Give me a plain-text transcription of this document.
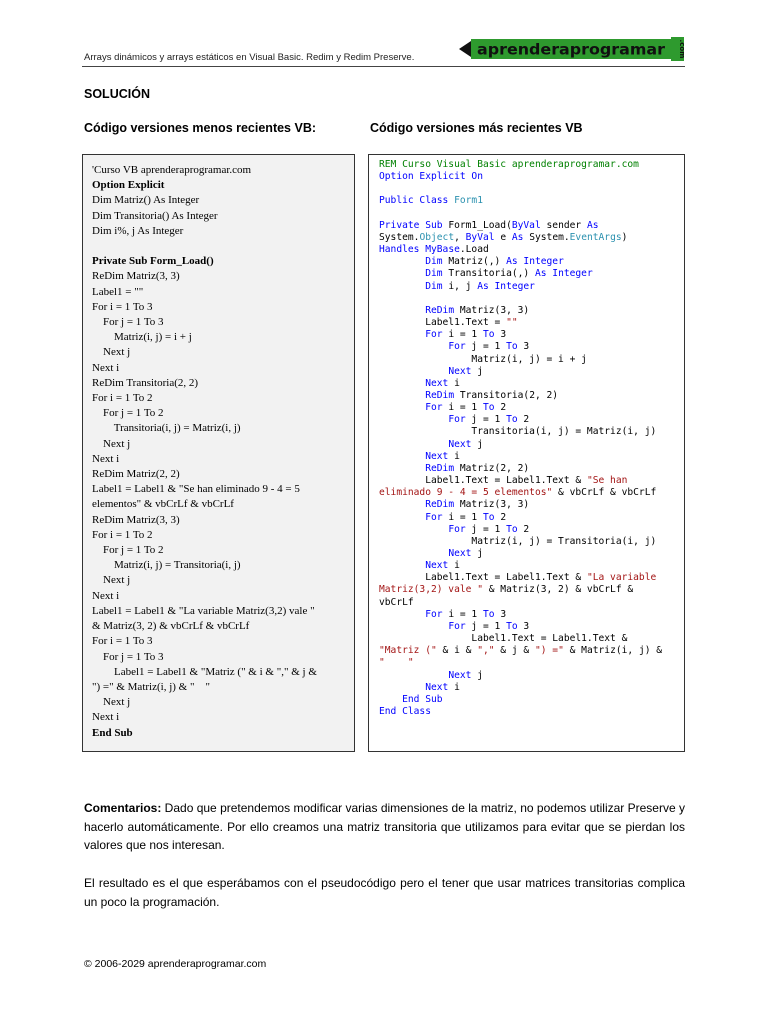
Arrays dinámicos y arrays estáticos en Visual Basic. Redim y Redim Preserve.	aprenderaprogramar .com
SOLUCIÓN
Código versiones menos recientes VB:	Código versiones más recientes VB
'Curso VB aprenderaprogramar.com
Option Explicit
Dim Matriz() As Integer
Dim Transitoria() As Integer
Dim i%, j As Integer

Private Sub Form_Load()
ReDim Matriz(3, 3)
Label1 = ""
For i = 1 To 3
For j = 1 To 3
Matriz(i, j) = i + j
Next j
Next i
ReDim Transitoria(2, 2)
For i = 1 To 2
For j = 1 To 2
Transitoria(i, j) = Matriz(i, j)
Next j
Next i
ReDim Matriz(2, 2)
Label1 = Label1 & "Se han eliminado 9 - 4 = 5
elementos" & vbCrLf & vbCrLf
ReDim Matriz(3, 3)
For i = 1 To 2
For j = 1 To 2
Matriz(i, j) = Transitoria(i, j)
Next j
Next i
Label1 = Label1 & "La variable Matriz(3,2) vale "
& Matriz(3, 2) & vbCrLf & vbCrLf
For i = 1 To 3
For j = 1 To 3
Label1 = Label1 & "Matriz (" & i & "," & j &
") =" & Matriz(i, j) & "    "
Next j
Next i
End Sub
REM Curso Visual Basic aprenderaprogramar.com
Option Explicit On

Public Class Form1

Private Sub Form1_Load(ByVal sender As
System.Object, ByVal e As System.EventArgs)
Handles MyBase.Load
Dim Matriz(,) As Integer
Dim Transitoria(,) As Integer
Dim i, j As Integer

ReDim Matriz(3, 3)
Label1.Text = ""
For i = 1 To 3
For j = 1 To 3
Matriz(i, j) = i + j
Next j
Next i
ReDim Transitoria(2, 2)
For i = 1 To 2
For j = 1 To 2
Transitoria(i, j) = Matriz(i, j)
Next j
Next i
ReDim Matriz(2, 2)
Label1.Text = Label1.Text & "Se han
eliminado 9 - 4 = 5 elementos" & vbCrLf & vbCrLf
ReDim Matriz(3, 3)
For i = 1 To 2
For j = 1 To 2
Matriz(i, j) = Transitoria(i, j)
Next j
Next i
Label1.Text = Label1.Text & "La variable
Matriz(3,2) vale " & Matriz(3, 2) & vbCrLf &
vbCrLf
For i = 1 To 3
For j = 1 To 3
Label1.Text = Label1.Text &
"Matriz (" & i & "," & j & ") =" & Matriz(i, j) &
"    "
Next j
Next i
End Sub
End Class
Comentarios: Dado que pretendemos modificar varias dimensiones de la matriz, no podemos utilizar Preserve y hacerlo automáticamente. Por ello creamos una matriz transitoria que utilizamos para evitar que se pierdan los valores que nos interesan.
El resultado es el que esperábamos con el pseudocódigo pero el tener que usar matrices transitorias complica un poco la programación.
© 2006-2029 aprenderaprogramar.com
